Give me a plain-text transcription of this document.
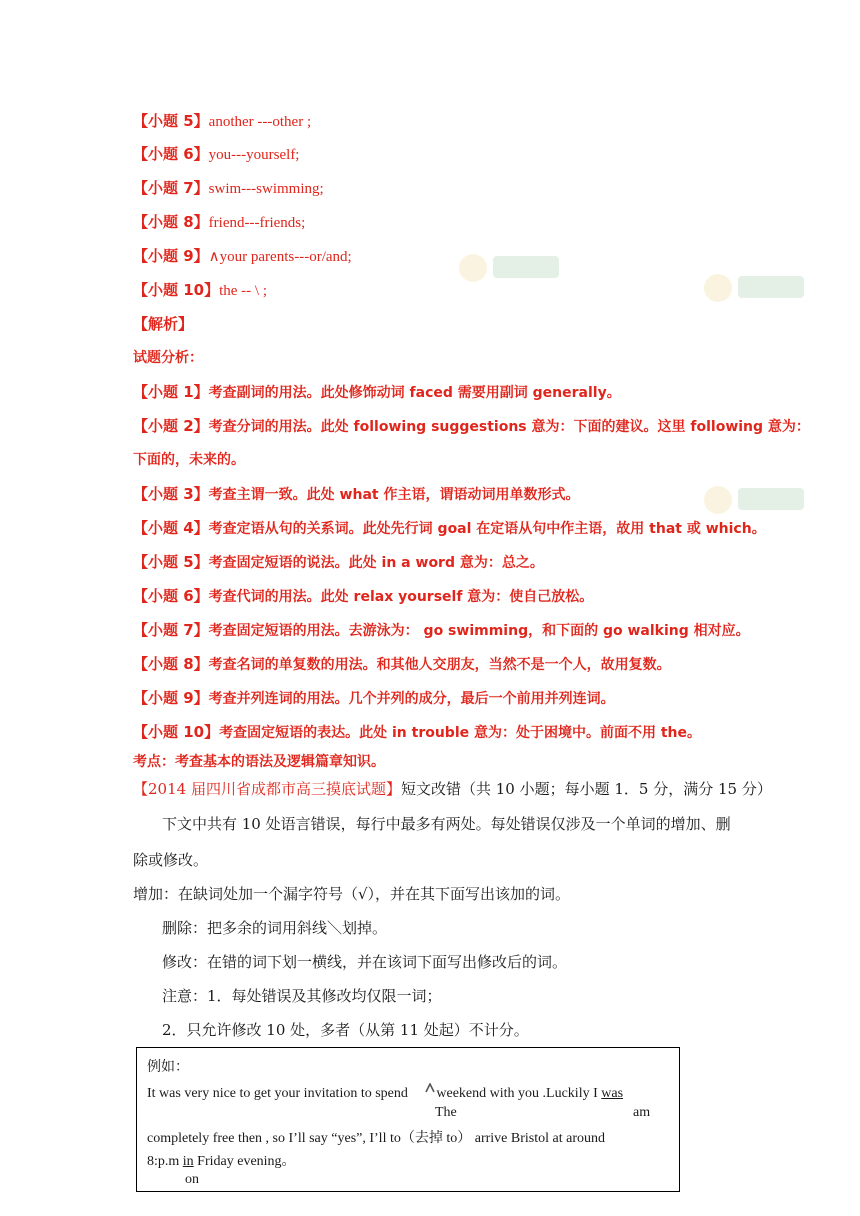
【小题 5】another ---other ;
【小题 6】you---yourself;
【小题 7】swim---swimming;
【小题 8】friend---friends;
【小题 9】∧your parents---or/and;
【小题 10】the -- \ ;
【解析】
试题分析：
【小题 1】考查副词的用法。此处修饰动词 faced 需要用副词 generally。
【小题 2】考查分词的用法。此处 following suggestions 意为：下面的建议。这里 following 意为：
下面的，未来的。
【小题 3】考查主谓一致。此处 what 作主语，谓语动词用单数形式。
【小题 4】考查定语从句的关系词。此处先行词 goal 在定语从句中作主语，故用 that 或 which。
【小题 5】考查固定短语的说法。此处 in a word 意为：总之。
【小题 6】考查代词的用法。此处 relax yourself 意为：使自己放松。
【小题 7】考查固定短语的用法。去游泳为： go swimming，和下面的 go walking 相对应。
【小题 8】考查名词的单复数的用法。和其他人交朋友，当然不是一个人，故用复数。
【小题 9】考查并列连词的用法。几个并列的成分，最后一个前用并列连词。
【小题 10】考查固定短语的表达。此处 in trouble 意为：处于困境中。前面不用 the。
考点：考查基本的语法及逻辑篇章知识。
【2014 届四川省成都市高三摸底试题】短文改错（共 10 小题；每小题 1．5 分，满分 15 分）
下文中共有 10 处语言错误，每行中最多有两处。每处错误仅涉及一个单词的增加、删
除或修改。
增加：在缺词处加一个漏字符号（√），并在其下面写出该加的词。
删除：把多余的词用斜线＼划掉。
修改：在错的词下划一横线，并在该词下面写出修改后的词。
注意：1．每处错误及其修改均仅限一词；
2．只允许修改 10 处，多者（从第 11 处起）不计分。
例如：
It was very nice to get your invitation to spend weekend with you .Luckily I was
The	am
completely free then , so I’ll say “yes”, I’ll to（去掉 to） arrive Bristol at around
8:p.m in Friday evening。
on
